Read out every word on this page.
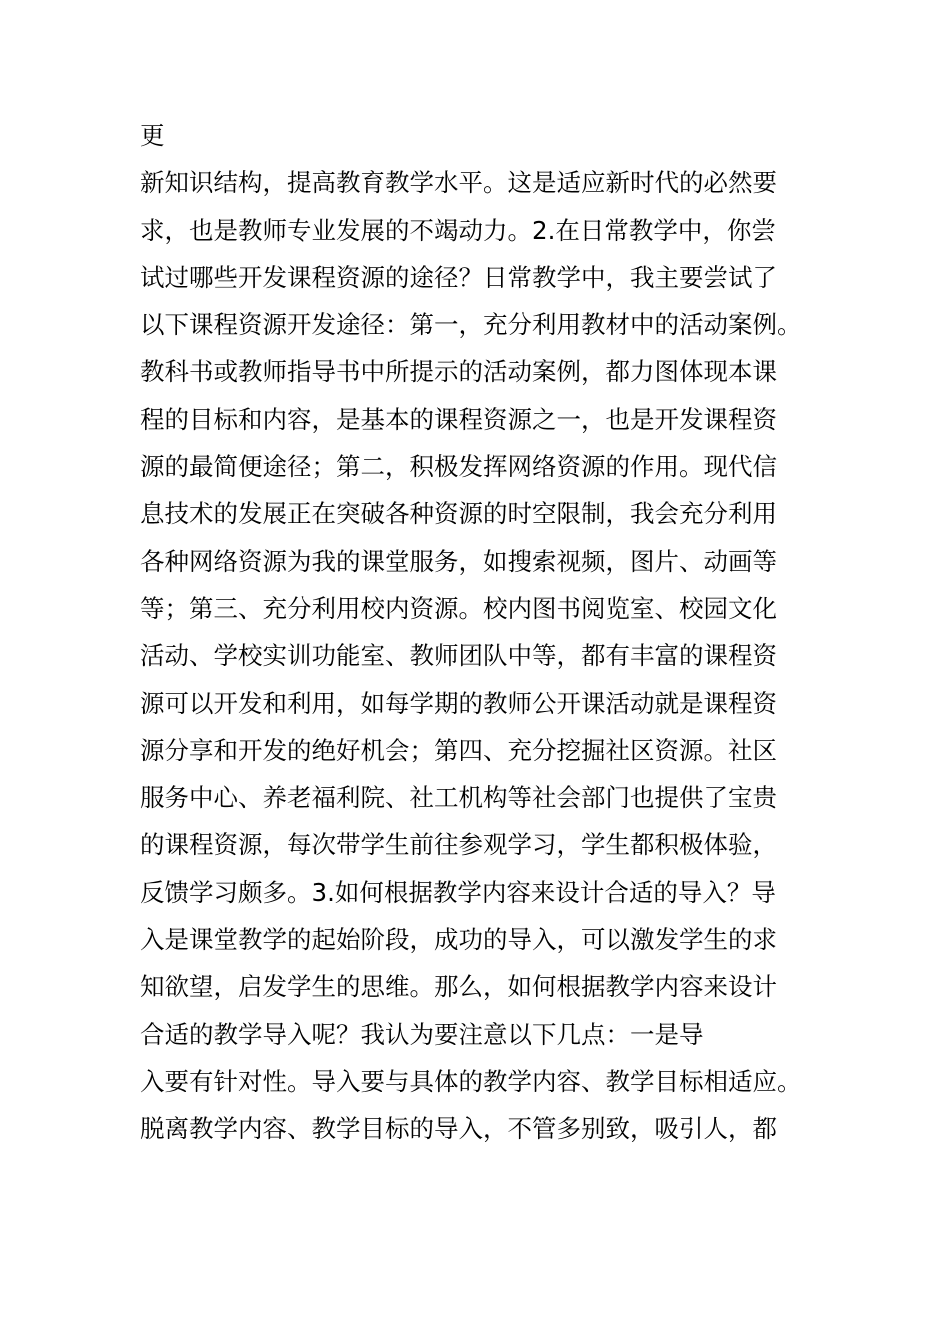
更
新知识结构，提高教育教学水平。这是适应新时代的必然要
求，也是教师专业发展的不竭动力。2.在日常教学中，你尝
试过哪些开发课程资源的途径？日常教学中，我主要尝试了
以下课程资源开发途径：第一，充分利用教材中的活动案例。
教科书或教师指导书中所提示的活动案例，都力图体现本课
程的目标和内容，是基本的课程资源之一，也是开发课程资
源的最简便途径；第二，积极发挥网络资源的作用。现代信
息技术的发展正在突破各种资源的时空限制，我会充分利用
各种网络资源为我的课堂服务，如搜索视频，图片、动画等
等；第三、充分利用校内资源。校内图书阅览室、校园文化
活动、学校实训功能室、教师团队中等，都有丰富的课程资
源可以开发和利用，如每学期的教师公开课活动就是课程资
源分享和开发的绝好机会；第四、充分挖掘社区资源。社区
服务中心、养老福利院、社工机构等社会部门也提供了宝贵
的课程资源，每次带学生前往参观学习，学生都积极体验，
反馈学习颇多。3.如何根据教学内容来设计合适的导入？导
入是课堂教学的起始阶段，成功的导入，可以激发学生的求
知欲望，启发学生的思维。那么，如何根据教学内容来设计
合适的教学导入呢？我认为要注意以下几点：一是导
入要有针对性。导入要与具体的教学内容、教学目标相适应。
脱离教学内容、教学目标的导入，不管多别致，吸引人，都
